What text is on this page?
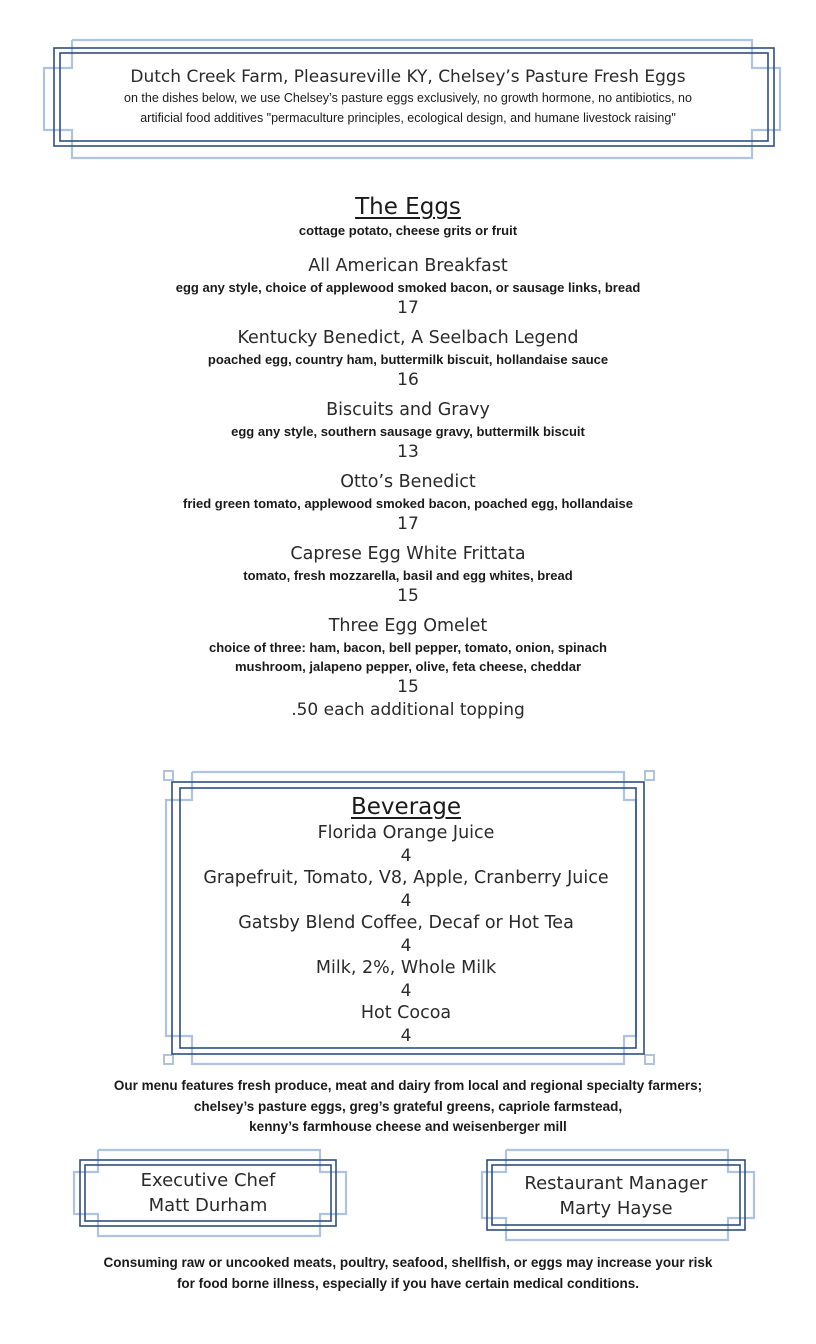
Dutch Creek Farm, Pleasureville KY, Chelsey’s Pasture Fresh Eggs
on the dishes below, we use Chelsey’s pasture eggs exclusively, no growth hormone, no antibiotics, no
artificial food additives "permaculture principles, ecological design, and humane livestock raising"
The Eggs
cottage potato, cheese grits or fruit
All American Breakfast
egg any style, choice of applewood smoked bacon, or sausage links, bread
17
Kentucky Benedict, A Seelbach Legend
poached egg, country ham, buttermilk biscuit, hollandaise sauce
16
Biscuits and Gravy
egg any style, southern sausage gravy, buttermilk biscuit
13
Otto’s Benedict
fried green tomato, applewood smoked bacon, poached egg, hollandaise
17
Caprese Egg White Frittata
tomato, fresh mozzarella, basil and egg whites, bread
15
Three Egg Omelet
choice of three: ham, bacon, bell pepper, tomato, onion, spinach
mushroom, jalapeno pepper, olive, feta cheese, cheddar
15
.50 each additional topping
Beverage
Florida Orange Juice
4
Grapefruit, Tomato, V8, Apple, Cranberry Juice
4
Gatsby Blend Coffee, Decaf or Hot Tea
4
Milk, 2%, Whole Milk
4
Hot Cocoa
4
Our menu features fresh produce, meat and dairy from local and regional specialty farmers;
chelsey’s pasture eggs, greg’s grateful greens, capriole farmstead,
kenny’s farmhouse cheese and weisenberger mill
Executive Chef
Matt Durham
Restaurant Manager
Marty Hayse
Consuming raw or uncooked meats, poultry, seafood, shellfish, or eggs may increase your risk
for food borne illness, especially if you have certain medical conditions.
